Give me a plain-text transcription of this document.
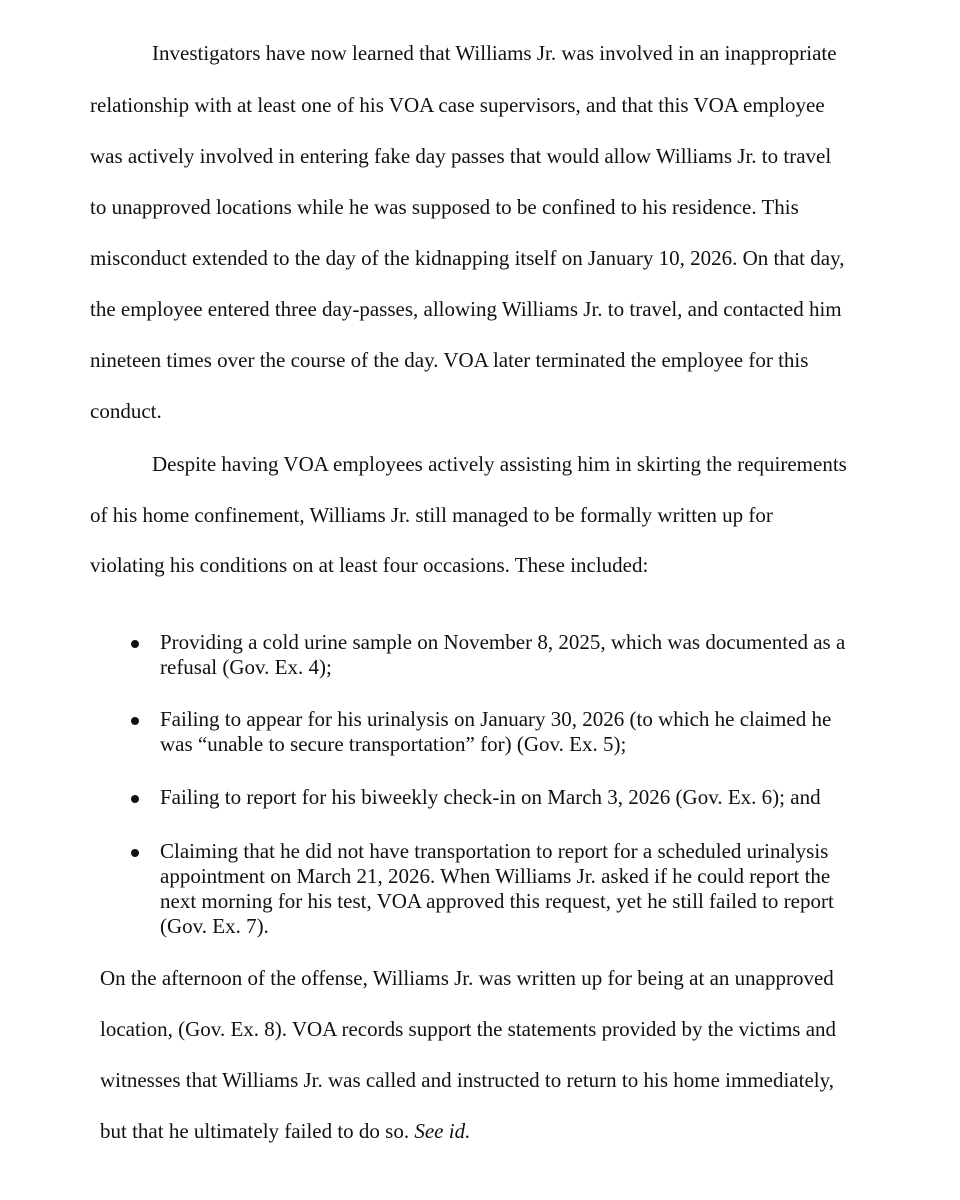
Investigators have now learned that Williams Jr. was involved in an inappropriate

relationship with at least one of his VOA case supervisors, and that this VOA employee

was actively involved in entering fake day passes that would allow Williams Jr. to travel

to unapproved locations while he was supposed to be confined to his residence. This

misconduct extended to the day of the kidnapping itself on January 10, 2026. On that day,

the employee entered three day-passes, allowing Williams Jr. to travel, and contacted him

nineteen times over the course of the day. VOA later terminated the employee for this

conduct.

Despite having VOA employees actively assisting him in skirting the requirements

of his home confinement, Williams Jr. still managed to be formally written up for

violating his conditions on at least four occasions. These included:

Providing a cold urine sample on November 8, 2025, which was documented as a

refusal (Gov. Ex. 4);

Failing to appear for his urinalysis on January 30, 2026 (to which he claimed he

was “unable to secure transportation” for) (Gov. Ex. 5);

Failing to report for his biweekly check-in on March 3, 2026 (Gov. Ex. 6); and

Claiming that he did not have transportation to report for a scheduled urinalysis

appointment on March 21, 2026. When Williams Jr. asked if he could report the

next morning for his test, VOA approved this request, yet he still failed to report

(Gov. Ex. 7).

On the afternoon of the offense, Williams Jr. was written up for being at an unapproved

location, (Gov. Ex. 8). VOA records support the statements provided by the victims and

witnesses that Williams Jr. was called and instructed to return to his home immediately,

but that he ultimately failed to do so. See id.
